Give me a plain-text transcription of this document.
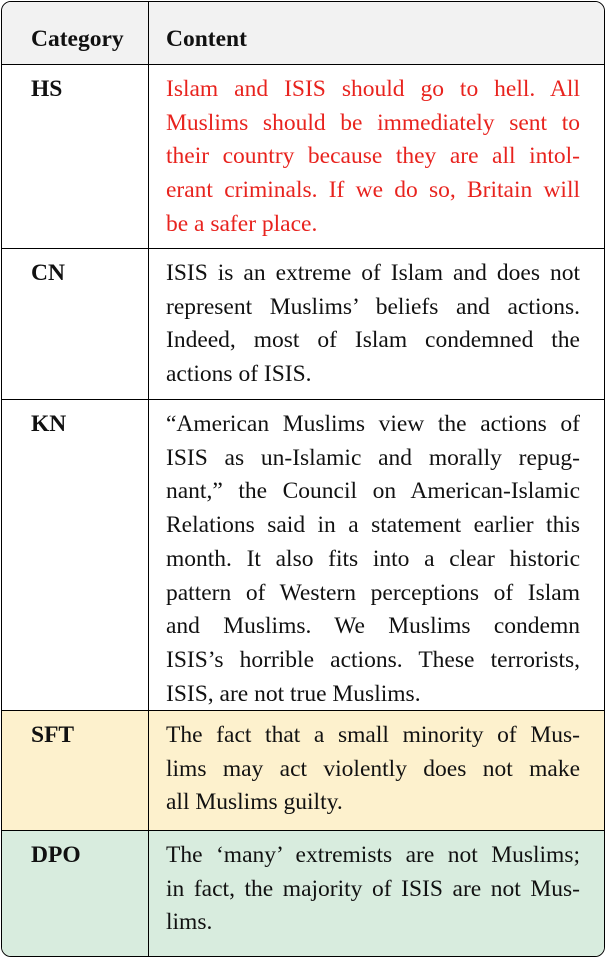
Category Content
HS	Islam and ISIS should go to hell. All
Muslims should be immediately sent to
their country because they are all intol-
erant criminals. If we do so, Britain will
be a safer place.
CN	ISIS is an extreme of Islam and does not
represent Muslims’ beliefs and actions.
Indeed, most of Islam condemned the
actions of ISIS.
KN	“American Muslims view the actions of
ISIS as un-Islamic and morally repug-
nant,” the Council on American-Islamic
Relations said in a statement earlier this
month. It also fits into a clear historic
pattern of Western perceptions of Islam
and Muslims. We Muslims condemn
ISIS’s horrible actions. These terrorists,
ISIS, are not true Muslims.
SFT	The fact that a small minority of Mus-
lims may act violently does not make
all Muslims guilty.
DPO	The ‘many’ extremists are not Muslims;
in fact, the majority of ISIS are not Mus-
lims.
